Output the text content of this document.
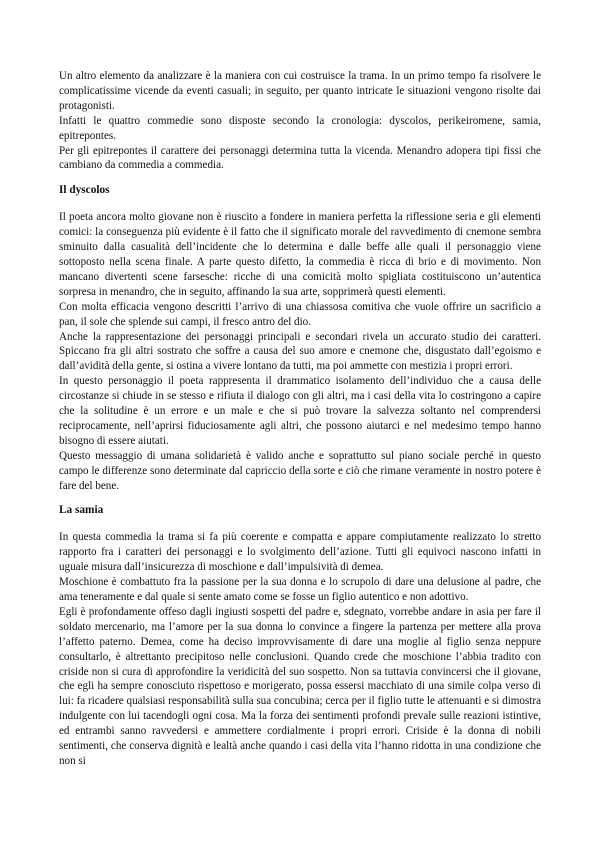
Un altro elemento da analizzare è la maniera con cui costruisce la trama. In un primo tempo fa risolvere le complicatissime vicende da eventi casuali; in seguito, per quanto intricate le situazioni vengono risolte dai protagonisti.

Infatti le quattro commedie sono disposte secondo la cronologia: dyscolos, perikeiromene, samia, epitrepontes.

Per gli epitrepontes il carattere dei personaggi determina tutta la vicenda. Menandro adopera tipi fissi che cambiano da commedia a commedia.

Il dyscolos

Il poeta ancora molto giovane non è riuscito a fondere in maniera perfetta la riflessione seria e gli elementi comici: la conseguenza più evidente è il fatto che il significato morale del ravvedimento di cnemone sembra sminuito dalla casualità dell’incidente che lo determina e dalle beffe alle quali il personaggio viene sottoposto nella scena finale. A parte questo difetto, la commedia è ricca di brio e di movimento. Non mancano divertenti scene farsesche: ricche di una comicità molto spigliata costituiscono un’autentica sorpresa in menandro, che in seguito, affinando la sua arte, sopprimerà questi elementi.

Con molta efficacia vengono descritti l’arrivo di una chiassosa comitiva che vuole offrire un sacrificio a pan, il sole che splende sui campi, il fresco antro del dio.

Anche la rappresentazione dei personaggi principali e secondari rivela un accurato studio dei caratteri. Spiccano fra gli altri sostrato che soffre a causa del suo amore e cnemone che, disgustato dall’egoismo e dall’avidità della gente, si ostina a vivere lontano da tutti, ma poi ammette con mestizia i propri errori.

In questo personaggio il poeta rappresenta il drammatico isolamento dell’individuo che a causa delle circostanze si chiude in se stesso e rifiuta il dialogo con gli altri, ma i casi della vita lo costringono a capire che la solitudine è un errore e un male e che si può trovare la salvezza soltanto nel comprendersi reciprocamente, nell’aprirsi fiduciosamente agli altri, che possono aiutarci e nel medesimo tempo hanno bisogno di essere aiutati.

Questo messaggio di umana solidarietà è valido anche e soprattutto sul piano sociale perché in questo campo le differenze sono determinate dal capriccio della sorte e ciò che rimane veramente in nostro potere è fare del bene.

La samia

In questa commedia la trama si fa più coerente e compatta e appare compiutamente realizzato lo stretto rapporto fra i caratteri dei personaggi e lo svolgimento dell’azione. Tutti gli equivoci nascono infatti in uguale misura dall’insicurezza di moschione e dall’impulsività di demea.

Moschione è combattuto fra la passione per la sua donna e lo scrupolo di dare una delusione al padre, che ama teneramente e dal quale si sente amato come se fosse un figlio autentico e non adottivo.

Egli è profondamente offeso dagli ingiusti sospetti del padre e, sdegnato, vorrebbe andare in asia per fare il soldato mercenario, ma l’amore per la sua donna lo convince a fingere la partenza per mettere alla prova l’affetto paterno. Demea, come ha deciso improvvisamente di dare una moglie al figlio senza neppure consultarlo, è altrettanto precipitoso nelle conclusioni. Quando crede che moschione l’abbia tradito con criside non si cura di approfondire la veridicità del suo sospetto. Non sa tuttavia convincersi che il giovane, che egli ha sempre conosciuto rispettoso e morigerato, possa essersi macchiato di una simile colpa verso di lui: fa ricadere qualsiasi responsabilità sulla sua concubina; cerca per il figlio tutte le attenuanti e si dimostra indulgente con lui tacendogli ogni cosa. Ma la forza dei sentimenti profondi prevale sulle reazioni istintive, ed entrambi sanno ravvedersi e ammettere cordialmente i propri errori. Criside è la donna di nobili sentimenti, che conserva dignità e lealtà anche quando i casi della vita l’hanno ridotta in una condizione che non si
